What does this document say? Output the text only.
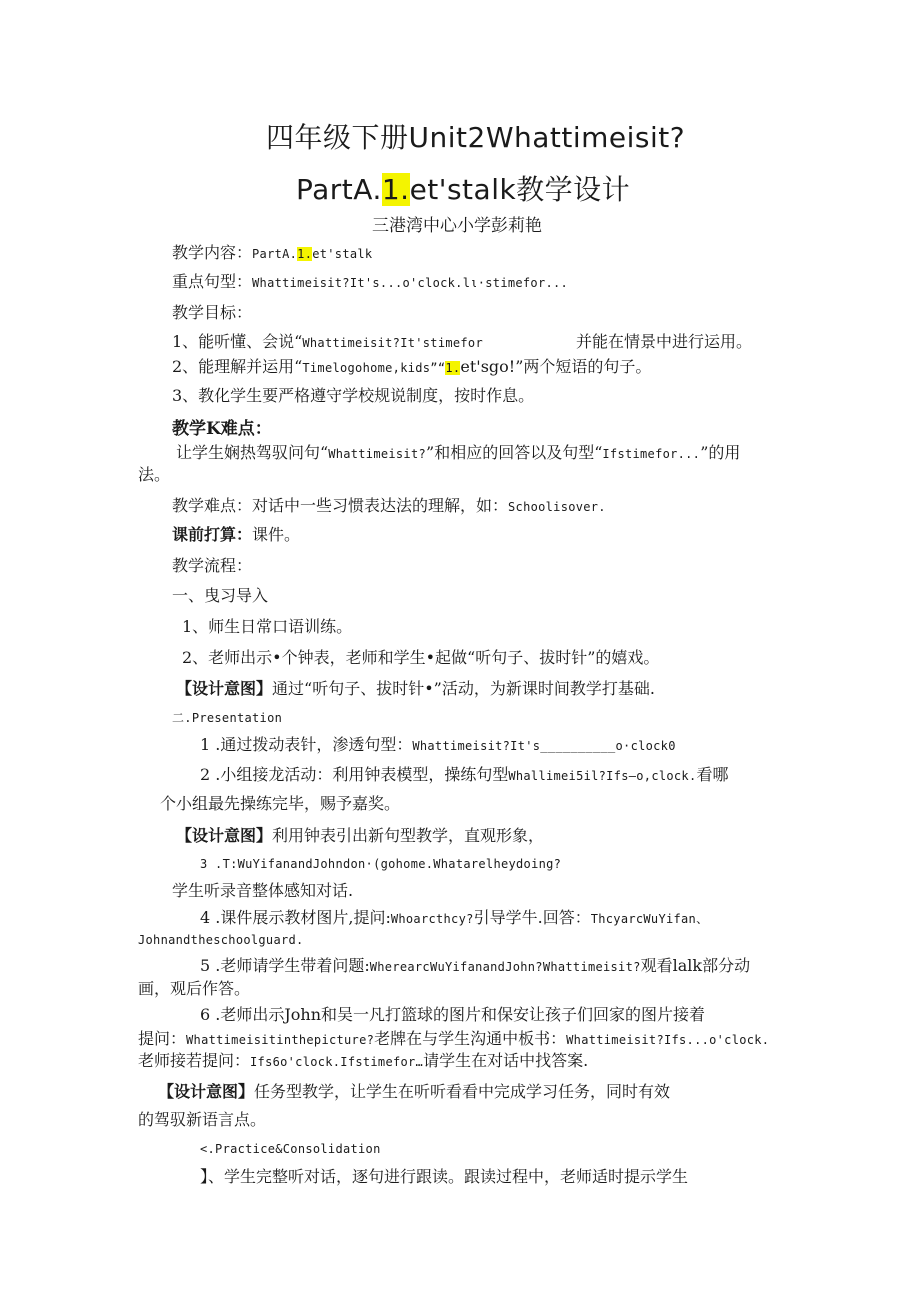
四年级下册Unit2Whattimeisit?
PartA.1.et'stalk教学设计
三港湾中心小学彭莉艳
教学内容：PartA.1.et'stalk
重点句型：Whattimeisit?It's...o'clock.lι·stimefor...
教学目标：
1、能听懂、会说“Whattimeisit?It'stimefor	并能在情景中进行运用。
2、能理解并运用“Timelogohome,kids”“1.et'sgo!”两个短语的句子。
3、教化学生要严格遵守学校规说制度，按时作息。
教学K难点：
让学生娴热驾驭问句“Whattimeisit?”和相应的回答以及句型“Ifstimefor...”的用
法。
教学难点：对话中一些习惯表达法的理解，如：Schoolisover.
课前打算：课件。
教学流程：
一、曳习导入
1、师生日常口语训练。
2、老师出示•个钟表，老师和学生•起做“听句子、拔时针”的嬉戏。
【设计意图】通过“听句子、拔时针•”活动，为新课时间教学打基础.
二.Presentation
1 .通过拨动表针，渗透句型：Whattimeisit?It's__________o·clock0
2 .小组接龙活动：利用钟表模型，操练句型Whallimei5il?Ifs—o,clock.看哪
个小组最先操练完毕，赐予嘉奖。
【设计意图】利用钟表引出新句型教学，直观形象，
3 .T:WuYifanandJohndon·(gohome.Whatarelheydoing?
学生听录音整体感知对话.
4 .课件展示教材图片,提问:Whoarcthcy?引导学牛.回答：ThcyarcWuYifan、
Johnandtheschoolguard.
5 .老师请学生带着问题:WherearcWuYifanandJohn?Whattimeisit?观看lalk部分动
画，观后作答。
6 .老师出示John和吴一凡打篮球的图片和保安让孩子们回家的图片接着
提问：Whattimeisitinthepicture?老牌在与学生沟通中板书：Whattimeisit?Ifs...o'clock.
老师接若提问：Ifs6o'clock.Ifstimefor…请学生在对话中找答案.
【设计意图】任务型教学，让学生在听听看看中完成学习任务，同时有效
的驾驭新语言点。
<.Practice&Consolidation
】、学生完整听对话，逐句进行跟读。跟读过程中，老师适时提示学生
